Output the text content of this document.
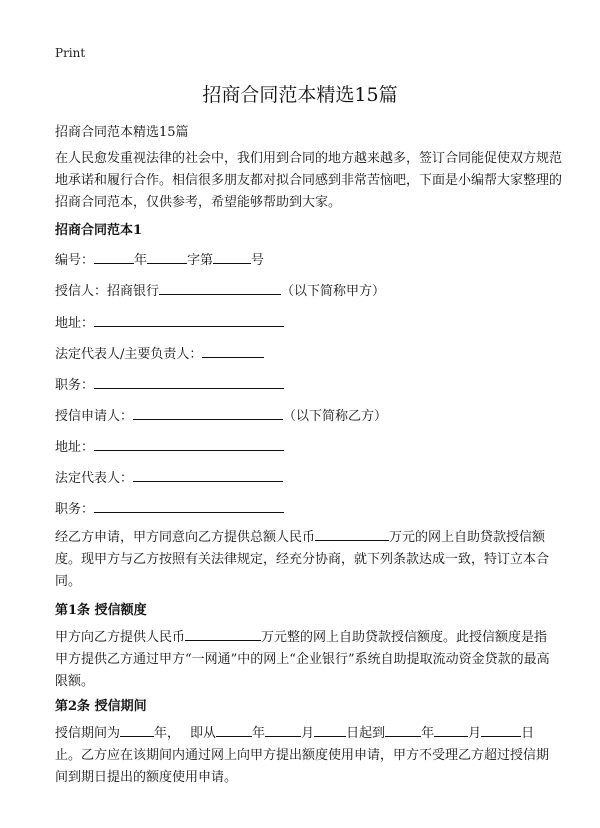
Print
招商合同范本精选15篇
招商合同范本精选15篇
在人民愈发重视法律的社会中，我们用到合同的地方越来越多，签订合同能促使双方规范地承诺和履行合作。相信很多朋友都对拟合同感到非常苦恼吧，下面是小编帮大家整理的招商合同范本，仅供参考，希望能够帮助到大家。
招商合同范本1
编号：	年	字第	号
授信人：招商银行	（以下简称甲方）
地址：
法定代表人/主要负责人：
职务：
授信申请人：	（以下简称乙方）
地址：
法定代表人：
职务：
经乙方申请，甲方同意向乙方提供总额人民币	万元的网上自助贷款授信额度。现甲方与乙方按照有关法律规定，经充分协商，就下列条款达成一致，特订立本合同。
第1条 授信额度
甲方向乙方提供人民币	万元整的网上自助贷款授信额度。此授信额度是指甲方提供乙方通过甲方“一网通”中的网上“企业银行”系统自助提取流动资金贷款的最高限额。
第2条 授信期间
授信期间为	年， 即从	年	月 日起到	年	月	日止。乙方应在该期间内通过网上向甲方提出额度使用申请，甲方不受理乙方超过授信期间到期日提出的额度使用申请。
